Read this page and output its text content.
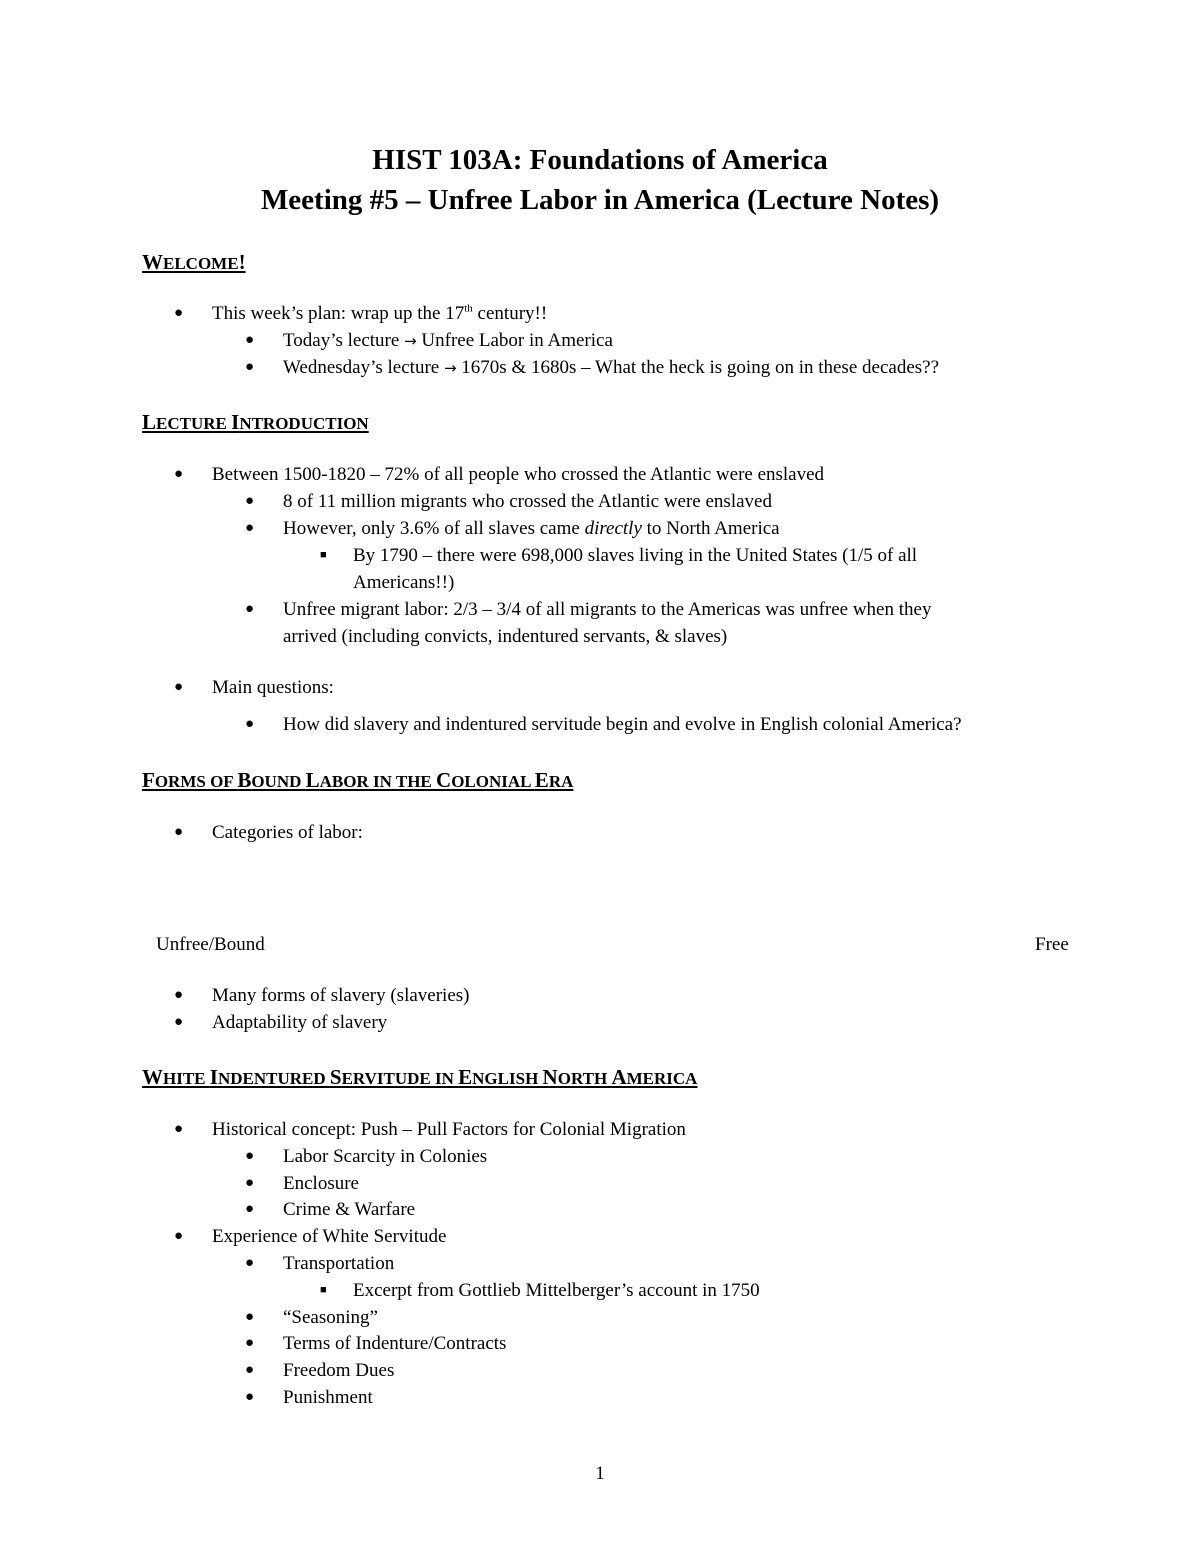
HIST 103A: Foundations of America
Meeting #5 – Unfree Labor in America (Lecture Notes)
WELCOME!
● This week’s plan: wrap up the 17th century!!
● Today’s lecture → Unfree Labor in America
● Wednesday’s lecture → 1670s & 1680s – What the heck is going on in these decades??
LECTURE INTRODUCTION
● Between 1500-1820 – 72% of all people who crossed the Atlantic were enslaved
● 8 of 11 million migrants who crossed the Atlantic were enslaved
● However, only 3.6% of all slaves came directly to North America
■ By 1790 – there were 698,000 slaves living in the United States (1/5 of all
Americans!!)
● Unfree migrant labor: 2/3 – 3/4 of all migrants to the Americas was unfree when they
arrived (including convicts, indentured servants, & slaves)
● Main questions:
● How did slavery and indentured servitude begin and evolve in English colonial America?
FORMS OF BOUND LABOR IN THE COLONIAL ERA
● Categories of labor:
Unfree/Bound	Free
● Many forms of slavery (slaveries)
● Adaptability of slavery
WHITE INDENTURED SERVITUDE IN ENGLISH NORTH AMERICA
● Historical concept: Push – Pull Factors for Colonial Migration
● Labor Scarcity in Colonies
● Enclosure
● Crime & Warfare
● Experience of White Servitude
● Transportation
■ Excerpt from Gottlieb Mittelberger’s account in 1750
● “Seasoning”
● Terms of Indenture/Contracts
● Freedom Dues
● Punishment
1
